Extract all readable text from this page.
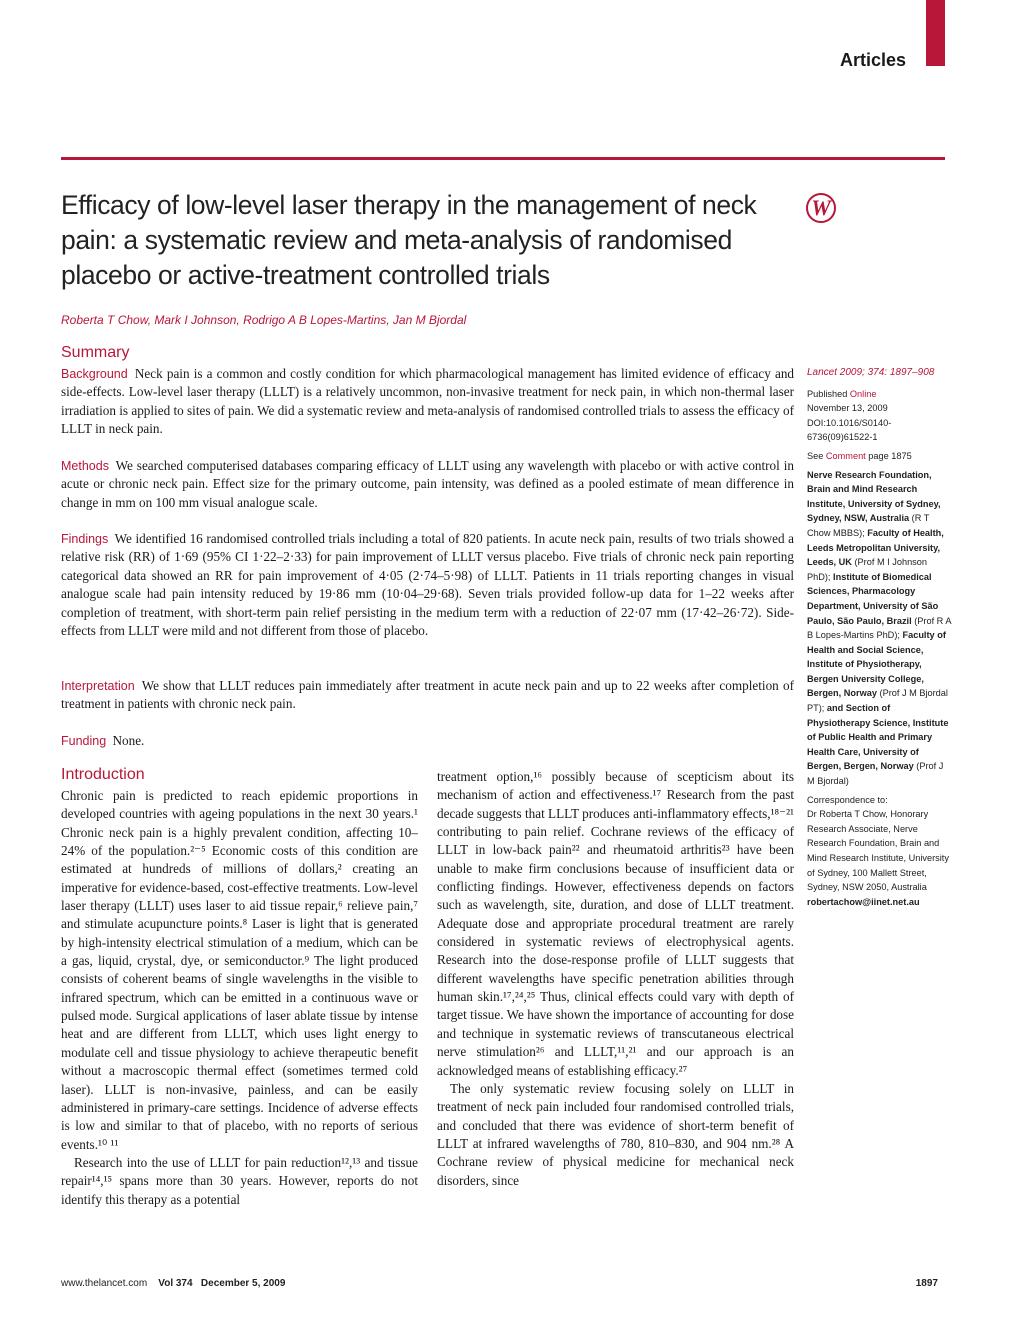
Articles
Efficacy of low-level laser therapy in the management of neck pain: a systematic review and meta-analysis of randomised placebo or active-treatment controlled trials
W
Roberta T Chow, Mark I Johnson, Rodrigo A B Lopes-Martins, Jan M Bjordal
Summary

Background Neck pain is a common and costly condition for which pharmacological management has limited evidence of efficacy and side-effects. Low-level laser therapy (LLLT) is a relatively uncommon, non-invasive treatment for neck pain, in which non-thermal laser irradiation is applied to sites of pain. We did a systematic review and meta-analysis of randomised controlled trials to assess the efficacy of LLLT in neck pain.

Methods We searched computerised databases comparing efficacy of LLLT using any wavelength with placebo or with active control in acute or chronic neck pain. Effect size for the primary outcome, pain intensity, was defined as a pooled estimate of mean difference in change in mm on 100 mm visual analogue scale.

Findings We identified 16 randomised controlled trials including a total of 820 patients. In acute neck pain, results of two trials showed a relative risk (RR) of 1·69 (95% CI 1·22–2·33) for pain improvement of LLLT versus placebo. Five trials of chronic neck pain reporting categorical data showed an RR for pain improvement of 4·05 (2·74–5·98) of LLLT. Patients in 11 trials reporting changes in visual analogue scale had pain intensity reduced by 19·86 mm (10·04–29·68). Seven trials provided follow-up data for 1–22 weeks after completion of treatment, with short-term pain relief persisting in the medium term with a reduction of 22·07 mm (17·42–26·72). Side-effects from LLLT were mild and not different from those of placebo.

Interpretation We show that LLLT reduces pain immediately after treatment in acute neck pain and up to 22 weeks after completion of treatment in patients with chronic neck pain.

Funding None.

Introduction

Chronic pain is predicted to reach epidemic proportions in developed countries with ageing populations in the next 30 years.¹ Chronic neck pain is a highly prevalent condition, affecting 10–24% of the population.²⁻⁵ Economic costs of this condition are estimated at hundreds of millions of dollars,² creating an imperative for evidence-based, cost-effective treatments. Low-level laser therapy (LLLT) uses laser to aid tissue repair,⁶ relieve pain,⁷ and stimulate acupuncture points.⁸ Laser is light that is generated by high-intensity electrical stimulation of a medium, which can be a gas, liquid, crystal, dye, or semiconductor.⁹ The light produced consists of coherent beams of single wavelengths in the visible to infrared spectrum, which can be emitted in a continuous wave or pulsed mode. Surgical applications of laser ablate tissue by intense heat and are different from LLLT, which uses light energy to modulate cell and tissue physiology to achieve therapeutic benefit without a macroscopic thermal effect (sometimes termed cold laser). LLLT is non-invasive, painless, and can be easily administered in primary-care settings. Incidence of adverse effects is low and similar to that of placebo, with no reports of serious events.¹⁰ ¹¹

Research into the use of LLLT for pain reduction¹²,¹³ and tissue repair¹⁴,¹⁵ spans more than 30 years. However, reports do not identify this therapy as a potential

treatment option,¹⁶ possibly because of scepticism about its mechanism of action and effectiveness.¹⁷ Research from the past decade suggests that LLLT produces anti-inflammatory effects,¹⁸⁻²¹ contributing to pain relief. Cochrane reviews of the efficacy of LLLT in low-back pain²² and rheumatoid arthritis²³ have been unable to make firm conclusions because of insufficient data or conflicting findings. However, effectiveness depends on factors such as wavelength, site, duration, and dose of LLLT treatment. Adequate dose and appropriate procedural treatment are rarely considered in systematic reviews of electrophysical agents. Research into the dose-response profile of LLLT suggests that different wavelengths have specific penetration abilities through human skin.¹⁷,²⁴,²⁵ Thus, clinical effects could vary with depth of target tissue. We have shown the importance of accounting for dose and technique in systematic reviews of transcutaneous electrical nerve stimulation²⁶ and LLLT,¹¹,²¹ and our approach is an acknowledged means of establishing efficacy.²⁷

The only systematic review focusing solely on LLLT in treatment of neck pain included four randomised controlled trials, and concluded that there was evidence of short-term benefit of LLLT at infrared wavelengths of 780, 810–830, and 904 nm.²⁸ A Cochrane review of physical medicine for mechanical neck disorders, since

Lancet 2009; 374: 1897–908

Published Online

November 13, 2009

DOI:10.1016/S0140-6736(09)61522-1

See Comment page 1875

Nerve Research Foundation, Brain and Mind Research Institute, University of Sydney, Sydney, NSW, Australia (R T Chow MBBS); Faculty of Health, Leeds Metropolitan University, Leeds, UK (Prof M I Johnson PhD); Institute of Biomedical Sciences, Pharmacology Department, University of São Paulo, São Paulo, Brazil (Prof R A B Lopes-Martins PhD); Faculty of Health and Social Science, Institute of Physiotherapy, Bergen University College, Bergen, Norway (Prof J M Bjordal PT); and Section of Physiotherapy Science, Institute of Public Health and Primary Health Care, University of Bergen, Bergen, Norway (Prof J M Bjordal)

Correspondence to:

Dr Roberta T Chow, Honorary Research Associate, Nerve Research Foundation, Brain and Mind Research Institute, University of Sydney, 100 Mallett Street, Sydney, NSW 2050, Australia

robertachow@iinet.net.au

www.thelancet.com Vol 374 December 5, 2009	1897
